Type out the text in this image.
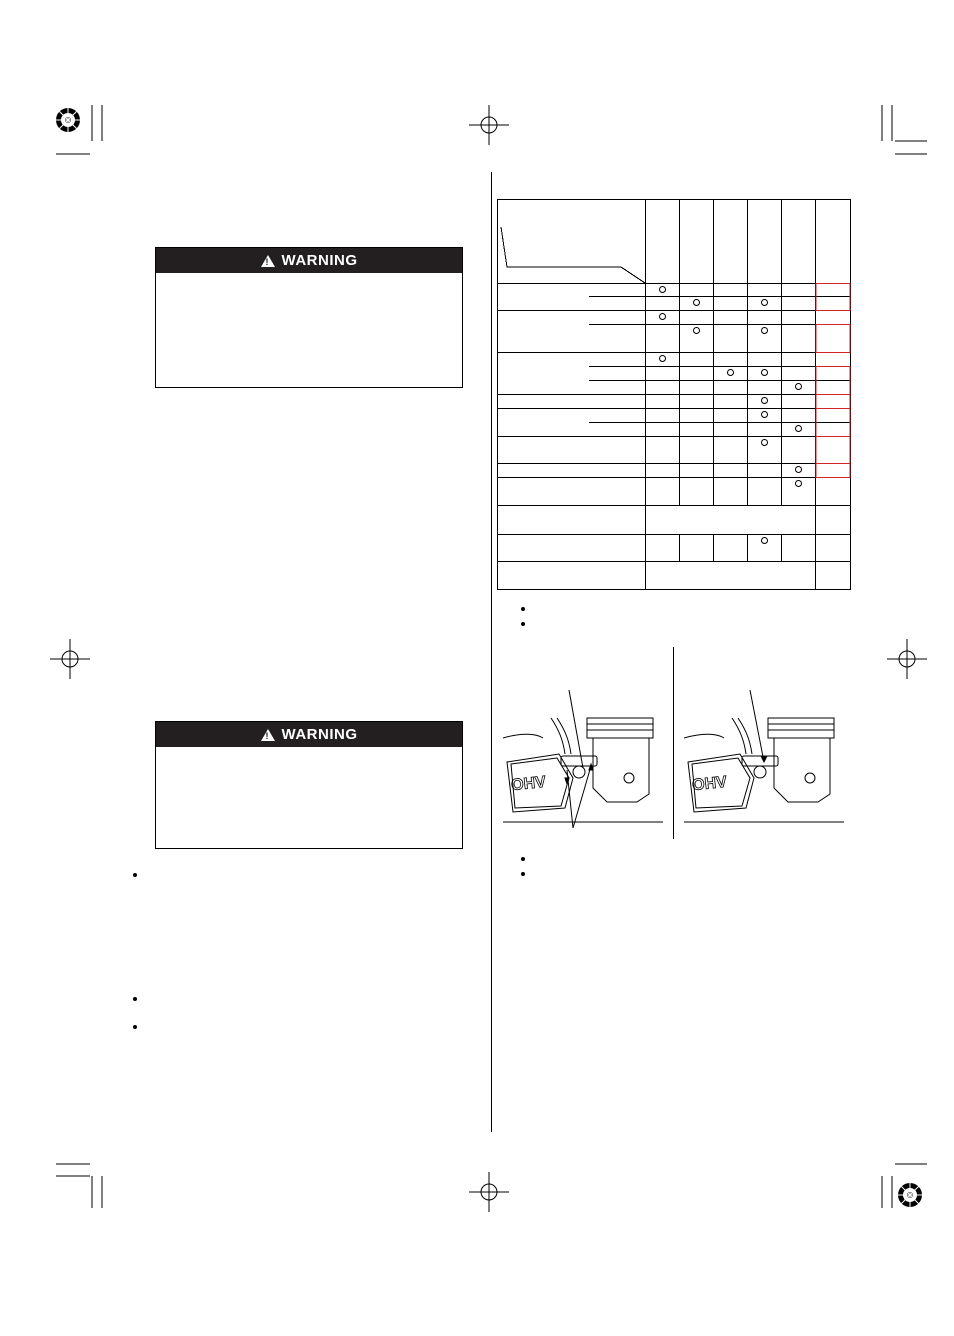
! WARNING
! WARNING
OHV	OHV
